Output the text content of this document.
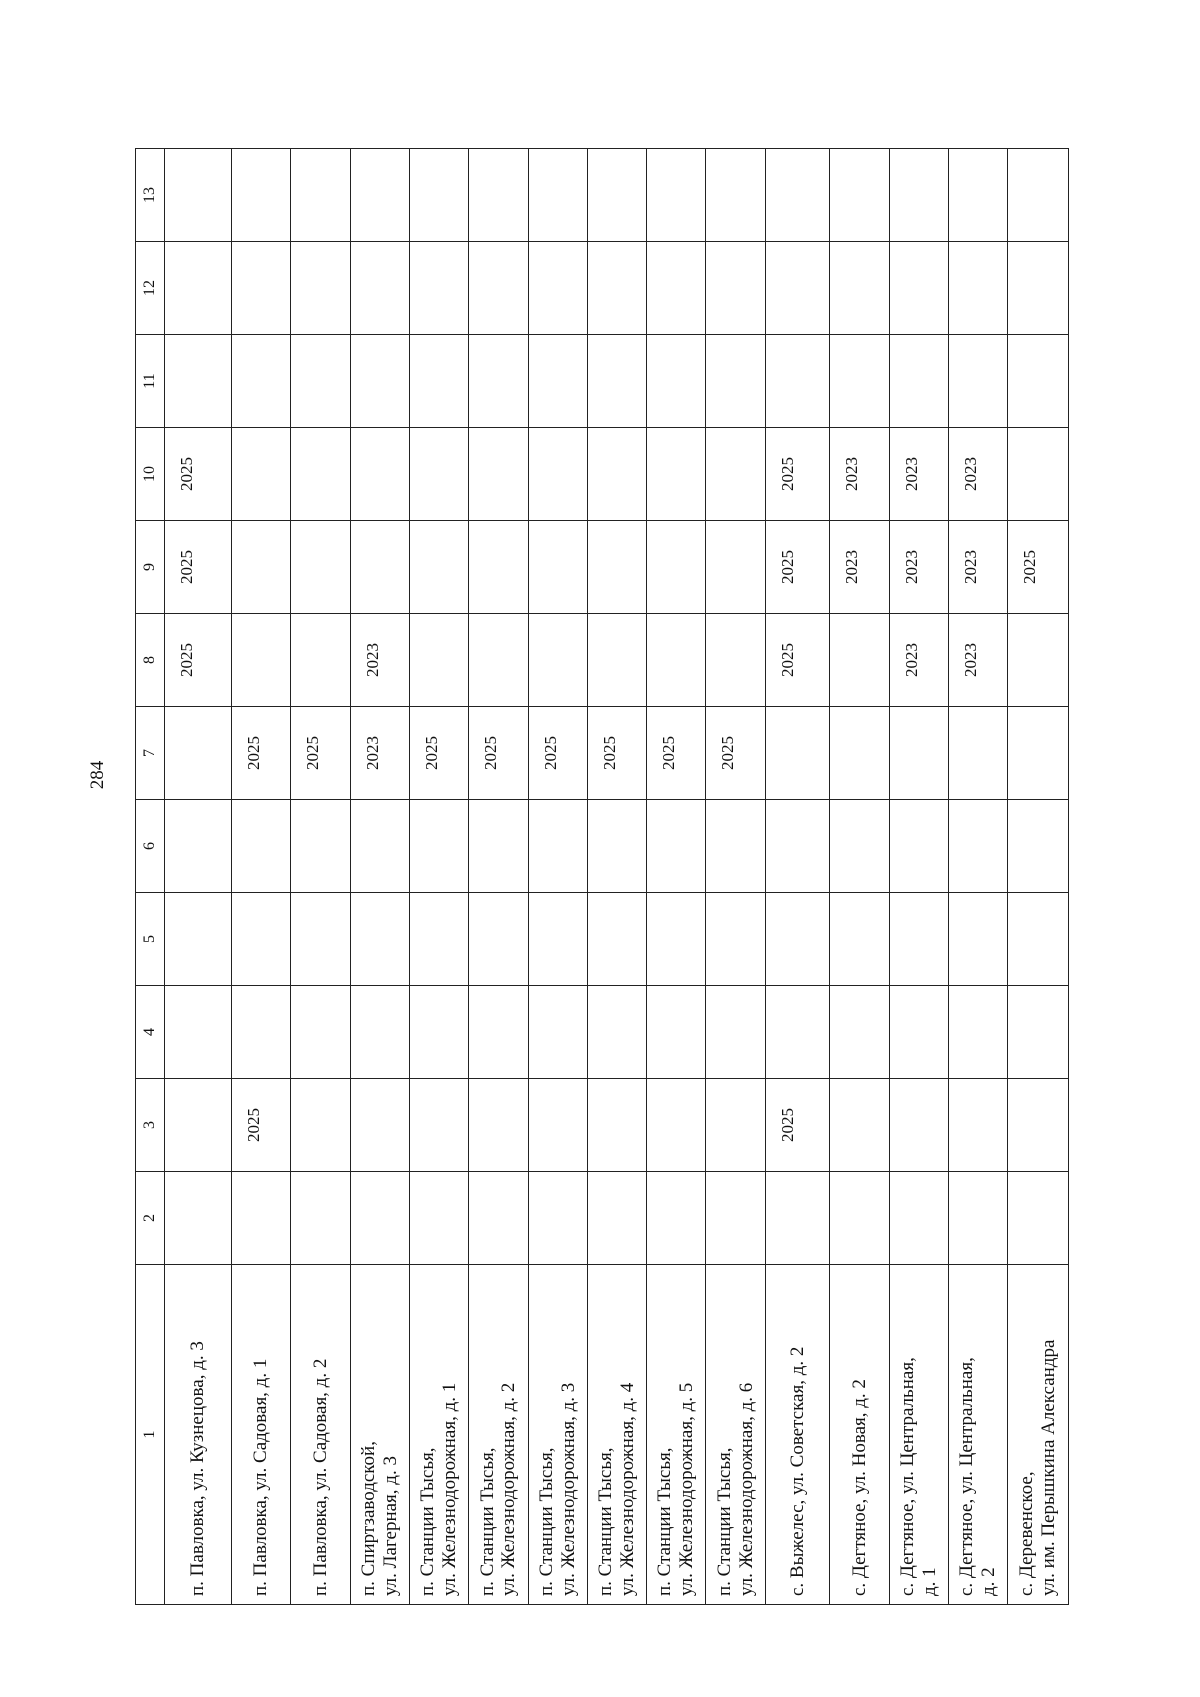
284
1	2	3	4	5	6	7	8	9	10	11	12	13

п. Павловка, ул. Кузнецова, д. 3							2025	2025	2025			

п. Павловка, ул. Садовая, д. 1		2025				2025						

п. Павловка, ул. Садовая, д. 2						2025						

п. Спиртзаводской, ул. Лагерная, д. 3						2023	2023					

п. Станции Тысья, ул. Железнодорожная, д. 1						2025						

п. Станции Тысья, ул. Железнодорожная, д. 2						2025						

п. Станции Тысья, ул. Железнодорожная, д. 3						2025						

п. Станции Тысья, ул. Железнодорожная, д. 4						2025						

п. Станции Тысья, ул. Железнодорожная, д. 5						2025						

п. Станции Тысья, ул. Железнодорожная, д. 6						2025						

с. Выжелес, ул. Советская, д. 2		2025					2025	2025	2025			

с. Дегтяное, ул. Новая, д. 2								2023	2023			

с. Дегтяное, ул. Центральная, д. 1							2023	2023	2023			

с. Дегтяное, ул. Центральная, д. 2							2023	2023	2023			

с. Деревенское, ул. им. Перышкина Александра								2025				
